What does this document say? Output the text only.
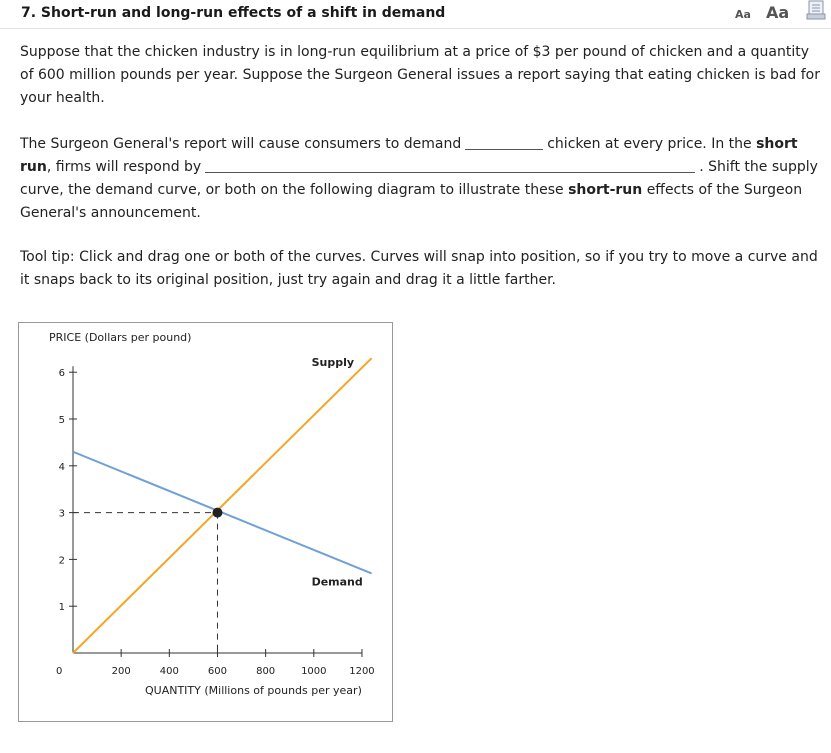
7. Short-run and long-run effects of a shift in demand	Aa Aa
Suppose that the chicken industry is in long-run equilibrium at a price of $3 per pound of chicken and a quantity of 600 million pounds per year. Suppose the Surgeon General issues a report saying that eating chicken is bad for your health.
The Surgeon General's report will cause consumers to demand	chicken at every price. In the short run, firms will respond by	. Shift the supply curve, the demand curve, or both on the following diagram to illustrate these short-run effects of the Surgeon General's announcement.
Tool tip: Click and drag one or both of the curves. Curves will snap into position, so if you try to move a curve and it snaps back to its original position, just try again and drag it a little farther.
PRICE (Dollars per pound)
QUANTITY (Millions of pounds per year)
0
1
2
3
4
5
6
200	400	600	800	1000 1200
Supply
Demand
